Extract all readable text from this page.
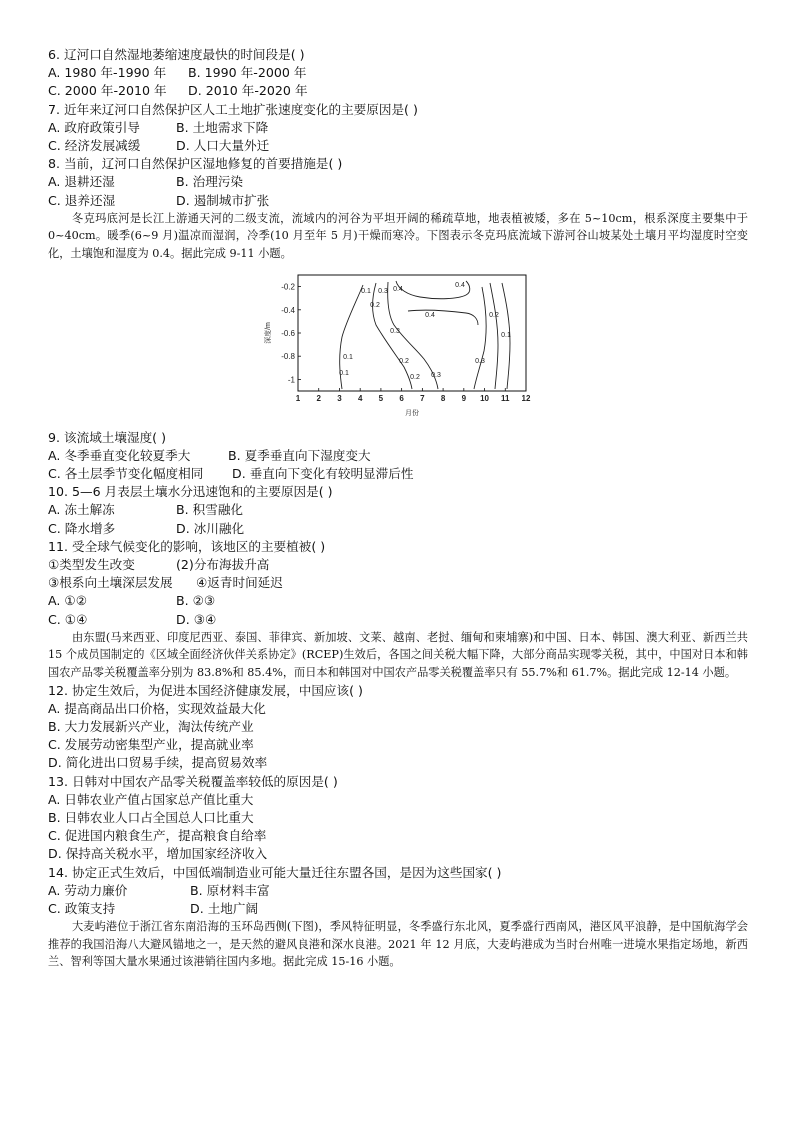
6. 辽河口自然湿地萎缩速度最快的时间段是( )
A. 1980 年-1990 年 B. 1990 年-2000 年
C. 2000 年-2010 年 D. 2010 年-2020 年
7. 近年来辽河口自然保护区人工土地扩张速度变化的主要原因是( )
A. 政府政策引导	B. 土地需求下降
C. 经济发展减缓	D. 人口大量外迁
8. 当前，辽河口自然保护区湿地修复的首要措施是( )
A. 退耕还湿	B. 治理污染
C. 退养还湿	D. 遏制城市扩张
冬克玛底河是长江上游通天河的二级支流，流域内的河谷为平坦开阔的稀疏草地，地表植被矮，多在 5~10cm，根系深度主要集中于 0~40cm。暖季(6~9 月)温凉而湿润，冷季(10 月至年 5 月)干燥而寒冷。下图表示冬克玛底流域下游河谷山坡某处土壤月平均湿度时空变化，土壤饱和湿度为 0.4。据此完成 9-11 小题。
1 2 3 4 5 6 7 8 9 10 11 12
-0.2
-0.4
-0.6
-0.8
-1
月份
深度/m
0.1
0.2
0.3 0.4
0.4
0.4
0.3
0.2
0.1
0.1
0.2 0.3
0.3
0.2
0.1
9. 该流域土壤湿度( )
A. 冬季垂直变化较夏季大	B. 夏季垂直向下湿度变大
C. 各土层季节变化幅度相同 D. 垂直向下变化有较明显滞后性
10. 5—6 月表层土壤水分迅速饱和的主要原因是( )
A. 冻土解冻	B. 积雪融化
C. 降水增多	D. 冰川融化
11. 受全球气候变化的影响，该地区的主要植被( )
①类型发生改变	(2)分布海拔升高
③根系向土壤深层发展 ④返青时间延迟
A. ①②	B. ②③
C. ①④	D. ③④
由东盟(马来西亚、印度尼西亚、泰国、菲律宾、新加坡、文莱、越南、老挝、缅甸和柬埔寨)和中国、日本、韩国、澳大利亚、新西兰共 15 个成员国制定的《区域全面经济伙伴关系协定》(RCEP)生效后，各国之间关税大幅下降，大部分商品实现零关税，其中，中国对日本和韩国农产品零关税覆盖率分别为 83.8%和 85.4%，而日本和韩国对中国农产品零关税覆盖率只有 55.7%和 61.7%。据此完成 12-14 小题。
12. 协定生效后，为促进本国经济健康发展，中国应该( )
A. 提高商品出口价格，实现效益最大化
B. 大力发展新兴产业，淘汰传统产业
C. 发展劳动密集型产业，提高就业率
D. 简化进出口贸易手续，提高贸易效率
13. 日韩对中国农产品零关税覆盖率较低的原因是( )
A. 日韩农业产值占国家总产值比重大
B. 日韩农业人口占全国总人口比重大
C. 促进国内粮食生产，提高粮食自给率
D. 保持高关税水平，增加国家经济收入
14. 协定正式生效后，中国低端制造业可能大量迁往东盟各国，是因为这些国家( )
A. 劳动力廉价	B. 原材料丰富
C. 政策支持	D. 土地广阔
大麦屿港位于浙江省东南沿海的玉环岛西侧(下图)，季风特征明显，冬季盛行东北风，夏季盛行西南风，港区风平浪静，是中国航海学会推荐的我国沿海八大避风锚地之一，是天然的避风良港和深水良港。2021 年 12 月底，大麦屿港成为当时台州唯一进境水果指定场地，新西兰、智利等国大量水果通过该港销往国内多地。据此完成 15-16 小题。
